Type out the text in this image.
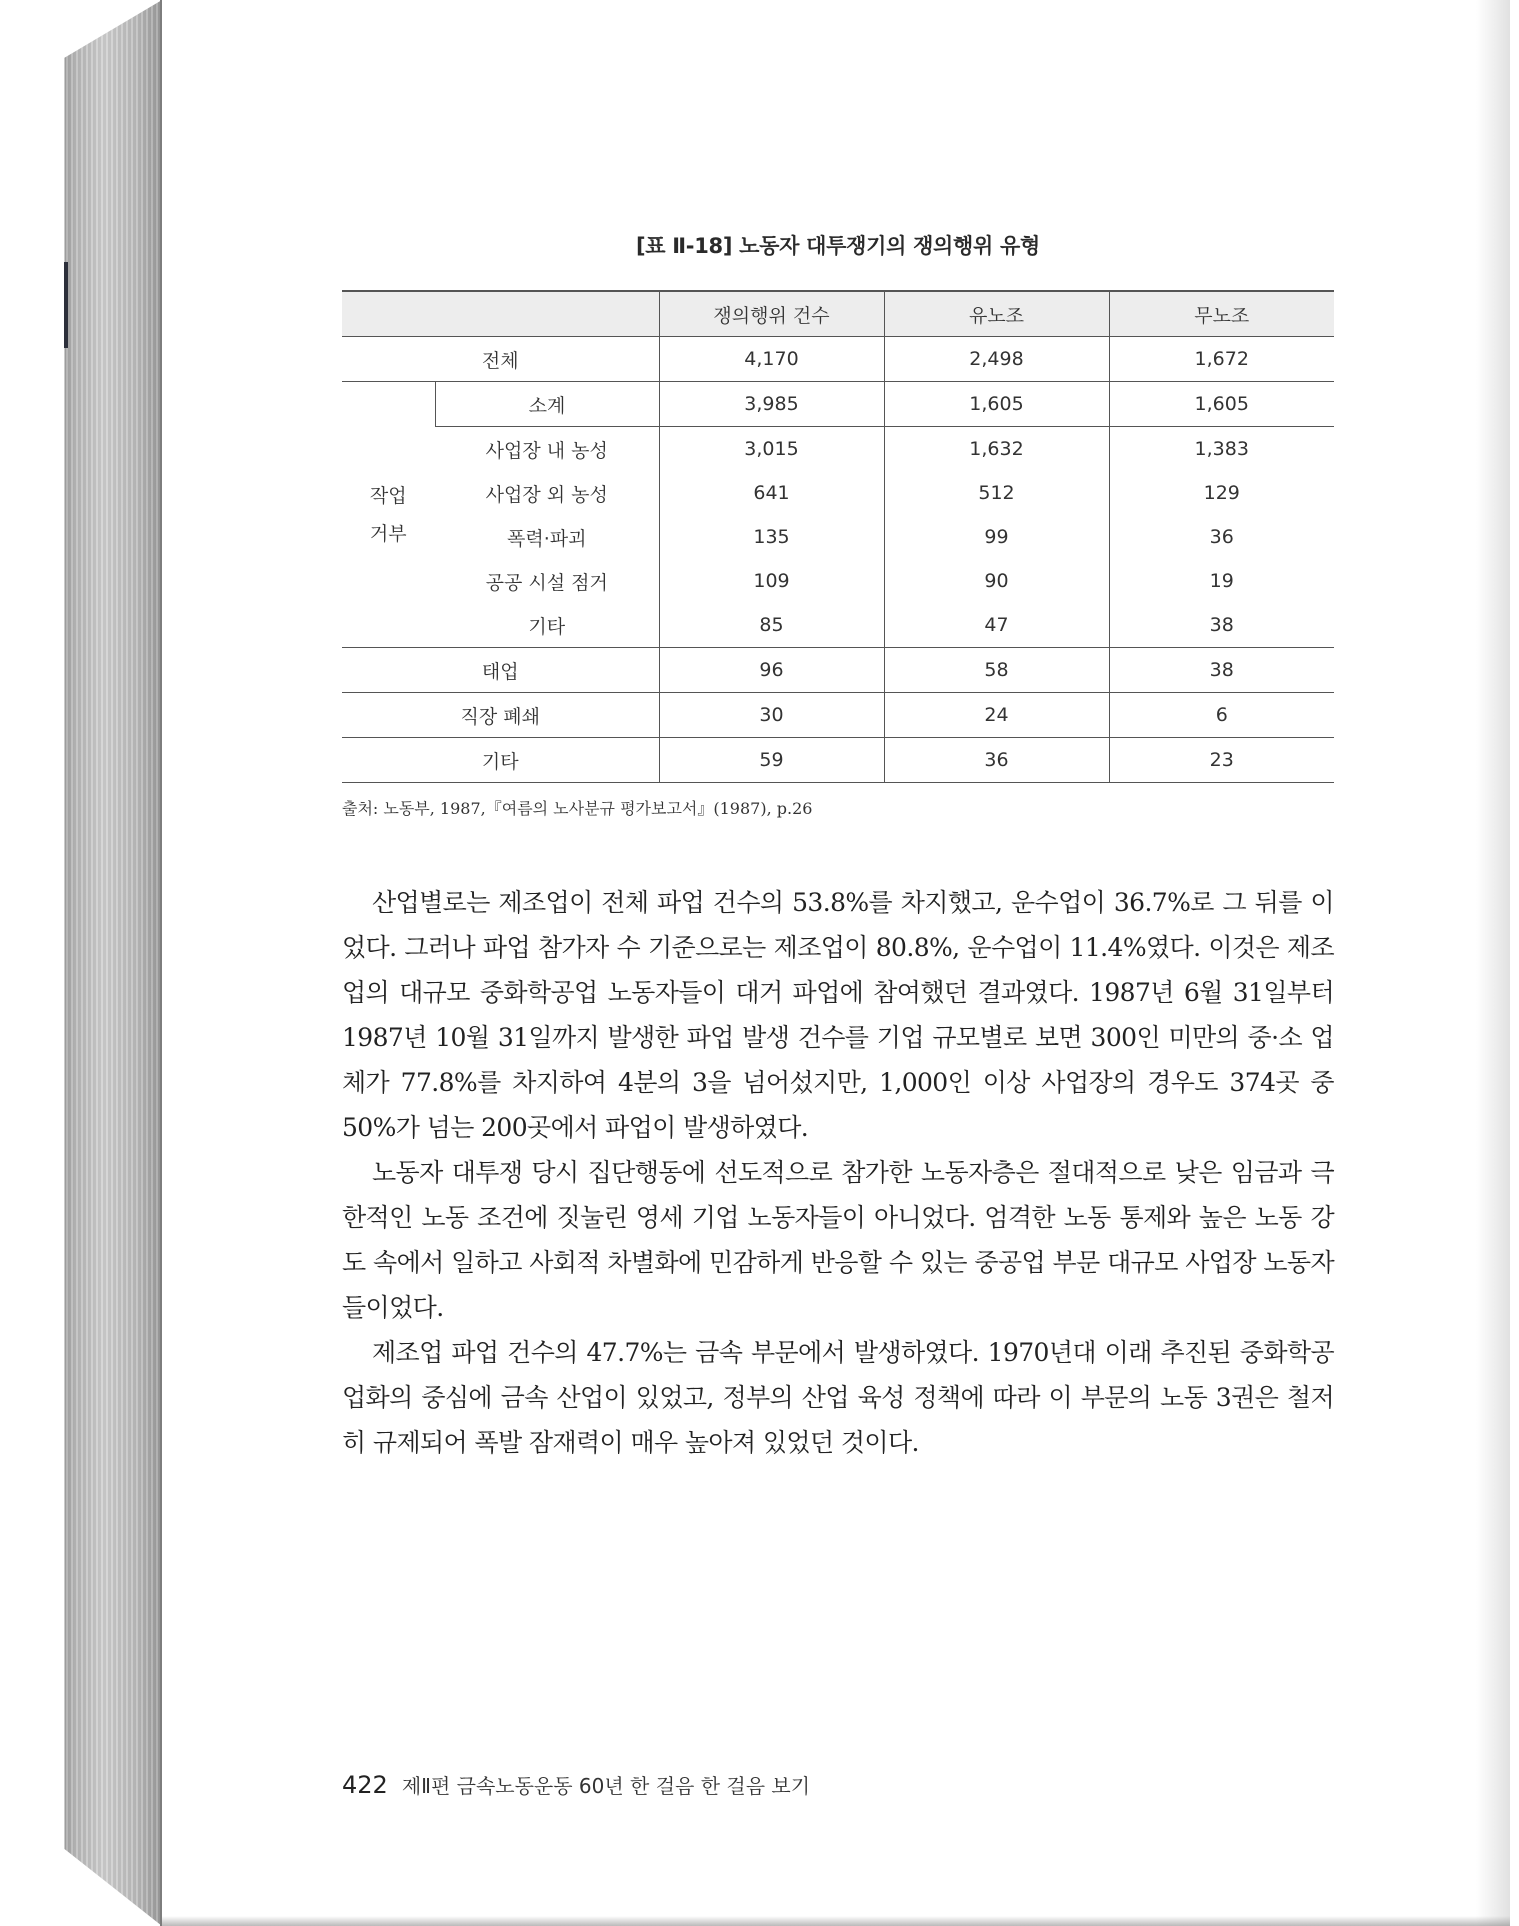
[표 Ⅱ-18] 노동자 대투쟁기의 쟁의행위 유형
		쟁의행위 건수	유노조	무노조
전체		4,170	2,498	1,672
작업
거부	소계	3,985	1,605	1,605
	사업장 내 농성	3,015	1,632	1,383
	사업장 외 농성	641	512	129
	폭력·파괴	135	99	36
	공공 시설 점거	109	90	19
	기타	85	47	38
태업		96	58	38
직장 폐쇄		30	24	6
기타		59	36	23
출처: 노동부, 1987,『여름의 노사분규 평가보고서』(1987), p.26

산업별로는 제조업이 전체 파업 건수의 53.8%를 차지했고, 운수업이 36.7%로 그 뒤를 이었다. 그러나 파업 참가자 수 기준으로는 제조업이 80.8%, 운수업이 11.4%였다. 이것은 제조업의 대규모 중화학공업 노동자들이 대거 파업에 참여했던 결과였다. 1987년 6월 31일부터 1987년 10월 31일까지 발생한 파업 발생 건수를 기업 규모별로 보면 300인 미만의 중·소 업체가 77.8%를 차지하여 4분의 3을 넘어섰지만, 1,000인 이상 사업장의 경우도 374곳 중 50%가 넘는 200곳에서 파업이 발생하였다.

노동자 대투쟁 당시 집단행동에 선도적으로 참가한 노동자층은 절대적으로 낮은 임금과 극한적인 노동 조건에 짓눌린 영세 기업 노동자들이 아니었다. 엄격한 노동 통제와 높은 노동 강도 속에서 일하고 사회적 차별화에 민감하게 반응할 수 있는 중공업 부문 대규모 사업장 노동자들이었다.

제조업 파업 건수의 47.7%는 금속 부문에서 발생하였다. 1970년대 이래 추진된 중화학공업화의 중심에 금속 산업이 있었고, 정부의 산업 육성 정책에 따라 이 부문의 노동 3권은 철저히 규제되어 폭발 잠재력이 매우 높아져 있었던 것이다.

422 제Ⅱ편 금속노동운동 60년 한 걸음 한 걸음 보기
